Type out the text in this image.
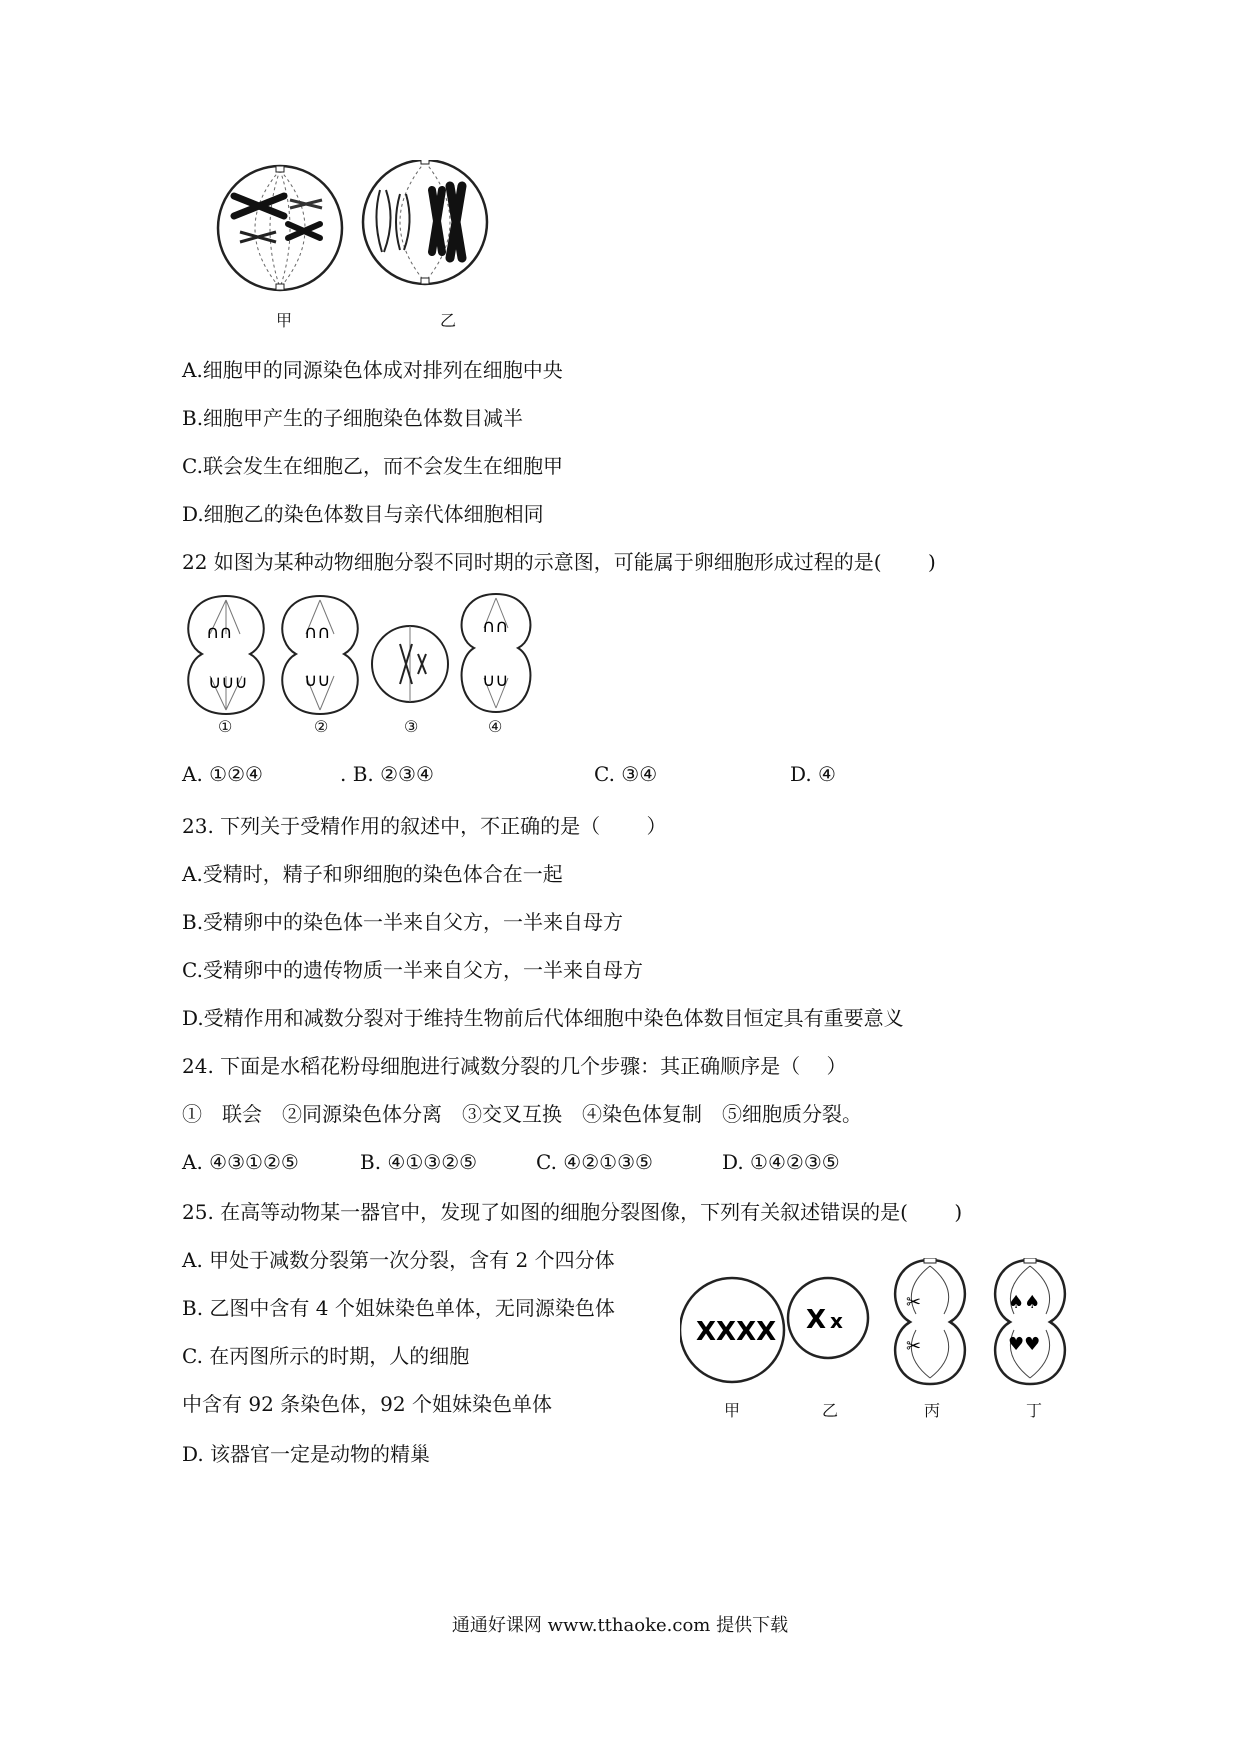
甲	乙
A.细胞甲的同源染色体成对排列在细胞中央
B.细胞甲产生的子细胞染色体数目减半
C.联会发生在细胞乙，而不会发生在细胞甲
D.细胞乙的染色体数目与亲代体细胞相同
22 如图为某种动物细胞分裂不同时期的示意图，可能属于卵细胞形成过程的是(　　 )
∩∩
∪∪∪
∩∩
∪∪
∩∩
∪∪
①	②	③	④
A. ①②④	. B. ②③④	C. ③④	D. ④
23. 下列关于受精作用的叙述中，不正确的是（　　 ）
A.受精时，精子和卵细胞的染色体合在一起
B.受精卵中的染色体一半来自父方，一半来自母方
C.受精卵中的遗传物质一半来自父方，一半来自母方
D.受精作用和减数分裂对于维持生物前后代体细胞中染色体数目恒定具有重要意义
24. 下面是水稻花粉母细胞进行减数分裂的几个步骤：其正确顺序是（　 ）
①　联会　②同源染色体分离　③交叉互换　④染色体复制　⑤细胞质分裂。
A. ④③①②⑤	B. ④①③②⑤	C. ④②①③⑤	D. ①④②③⑤
25. 在高等动物某一器官中，发现了如图的细胞分裂图像，下列有关叙述错误的是(　　 )
A. 甲处于减数分裂第一次分裂，含有 2 个四分体
B. 乙图中含有 4 个姐妹染色单体，无同源染色体
C. 在丙图所示的时期，人的细胞
中含有 92 条染色体，92 个姐妹染色单体
D. 该器官一定是动物的精巢
XXXX X x
✂
✂
♠♠
♥♥
甲	乙	丙	丁
通通好课网 www.tthaoke.com 提供下载
